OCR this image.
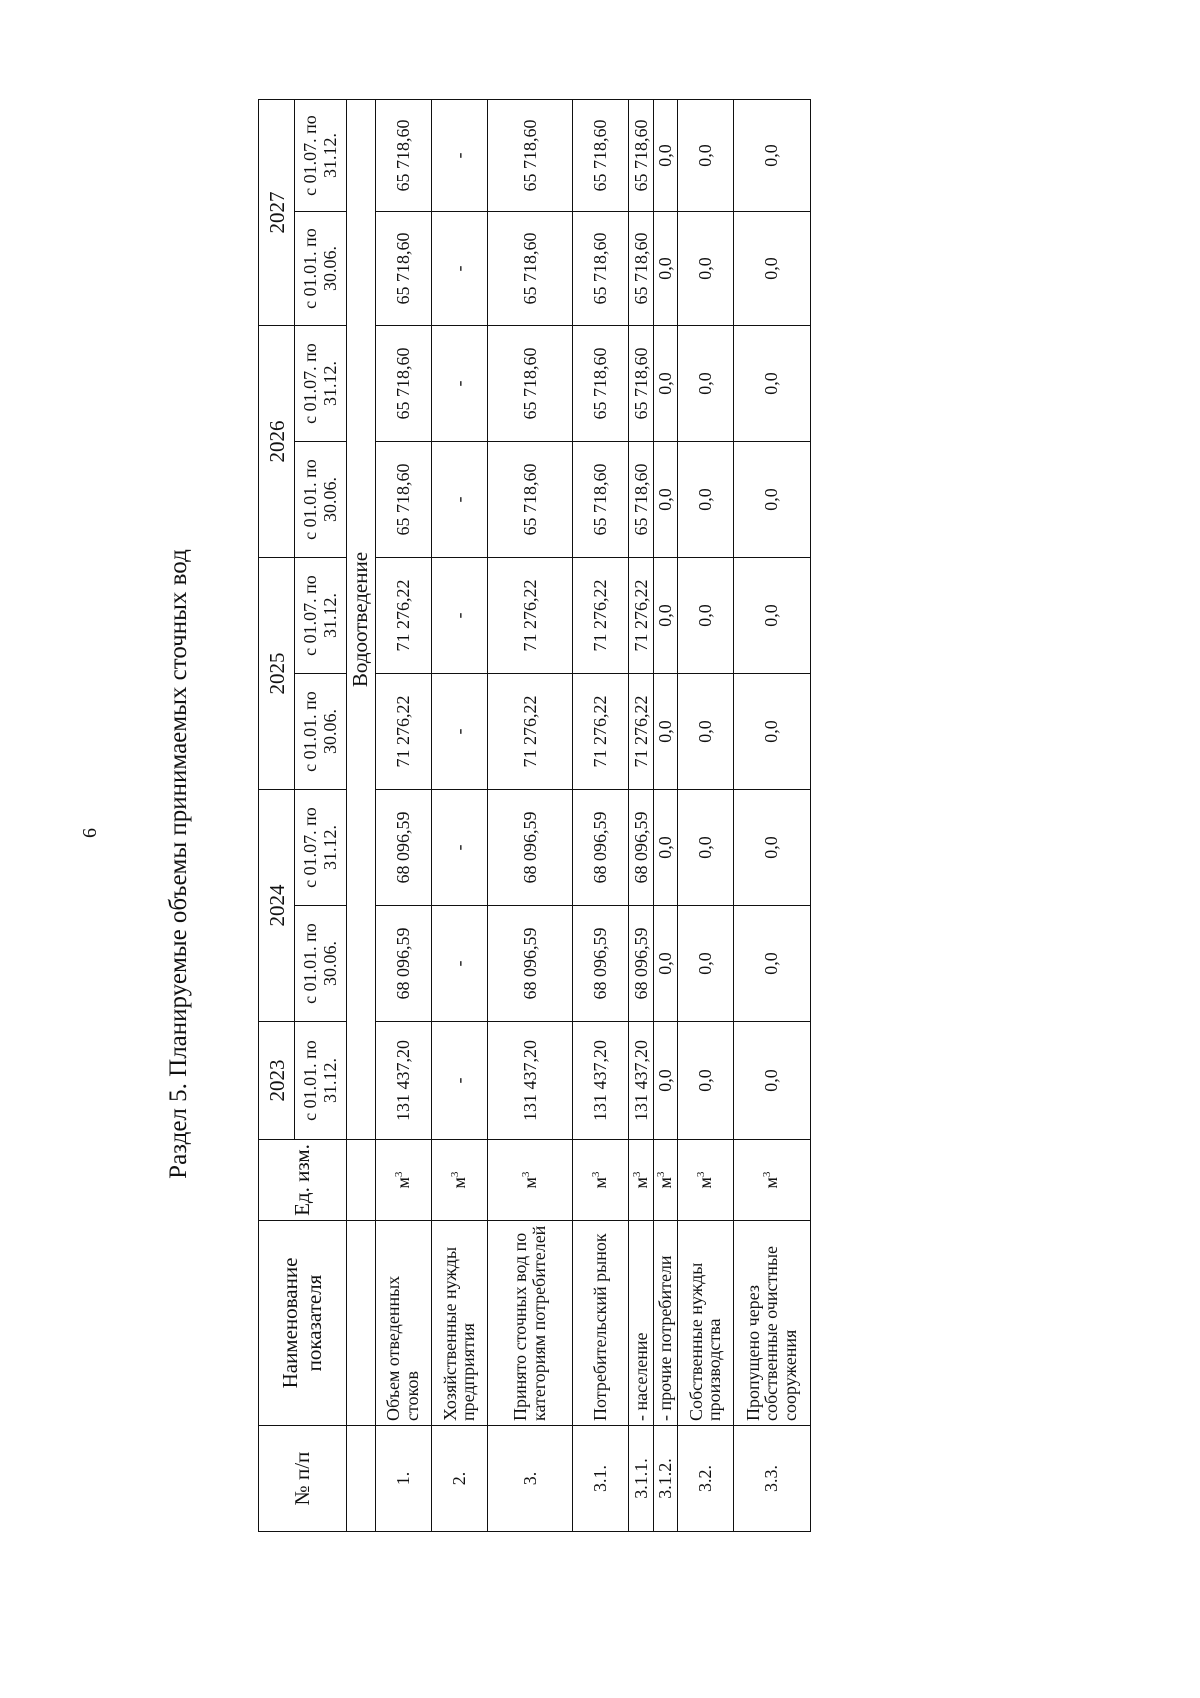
6	Раздел 5. Планируемые объемы принимаемых сточных вод
№ п/п	Наименование показателя	Ед. изм.	2023	2024		2025		2026		2027	
			с 01.01. по 31.12.	с 01.01. по 30.06.	с 01.07. по 31.12.	с 01.01. по 30.06.	с 01.07. по 31.12.	с 01.01. по 30.06.	с 01.07. по 31.12.	с 01.01. по 30.06.	с 01.07. по 31.12.
			Водоотведение								
1.	Объем отведенных стоков	$м^3$	131 437,20	68 096,59	68 096,59	71 276,22	71 276,22	65 718,60	65 718,60	65 718,60	65 718,60
2.	Хозяйственные нужды предприятия	$м^3$	-	-	-	-	-	-	-	-	-
3.	Принято сточных вод по категориям потребителей	$м^3$	131 437,20	68 096,59	68 096,59	71 276,22	71 276,22	65 718,60	65 718,60	65 718,60	65 718,60
3.1.	Потребительский рынок	$м^3$	131 437,20	68 096,59	68 096,59	71 276,22	71 276,22	65 718,60	65 718,60	65 718,60	65 718,60
3.1.1.	- население	$м^3$	131 437,20	68 096,59	68 096,59	71 276,22	71 276,22	65 718,60	65 718,60	65 718,60	65 718,60
3.1.2.	- прочие потребители	$м^3$	0,0	0,0	0,0	0,0	0,0	0,0	0,0	0,0	0,0
3.2.	Собственные нужды производства	$м^3$	0,0	0,0	0,0	0,0	0,0	0,0	0,0	0,0	0,0
3.3.	Пропущено через собственные очистные сооружения	$м^3$	0,0	0,0	0,0	0,0	0,0	0,0	0,0	0,0	0,0
